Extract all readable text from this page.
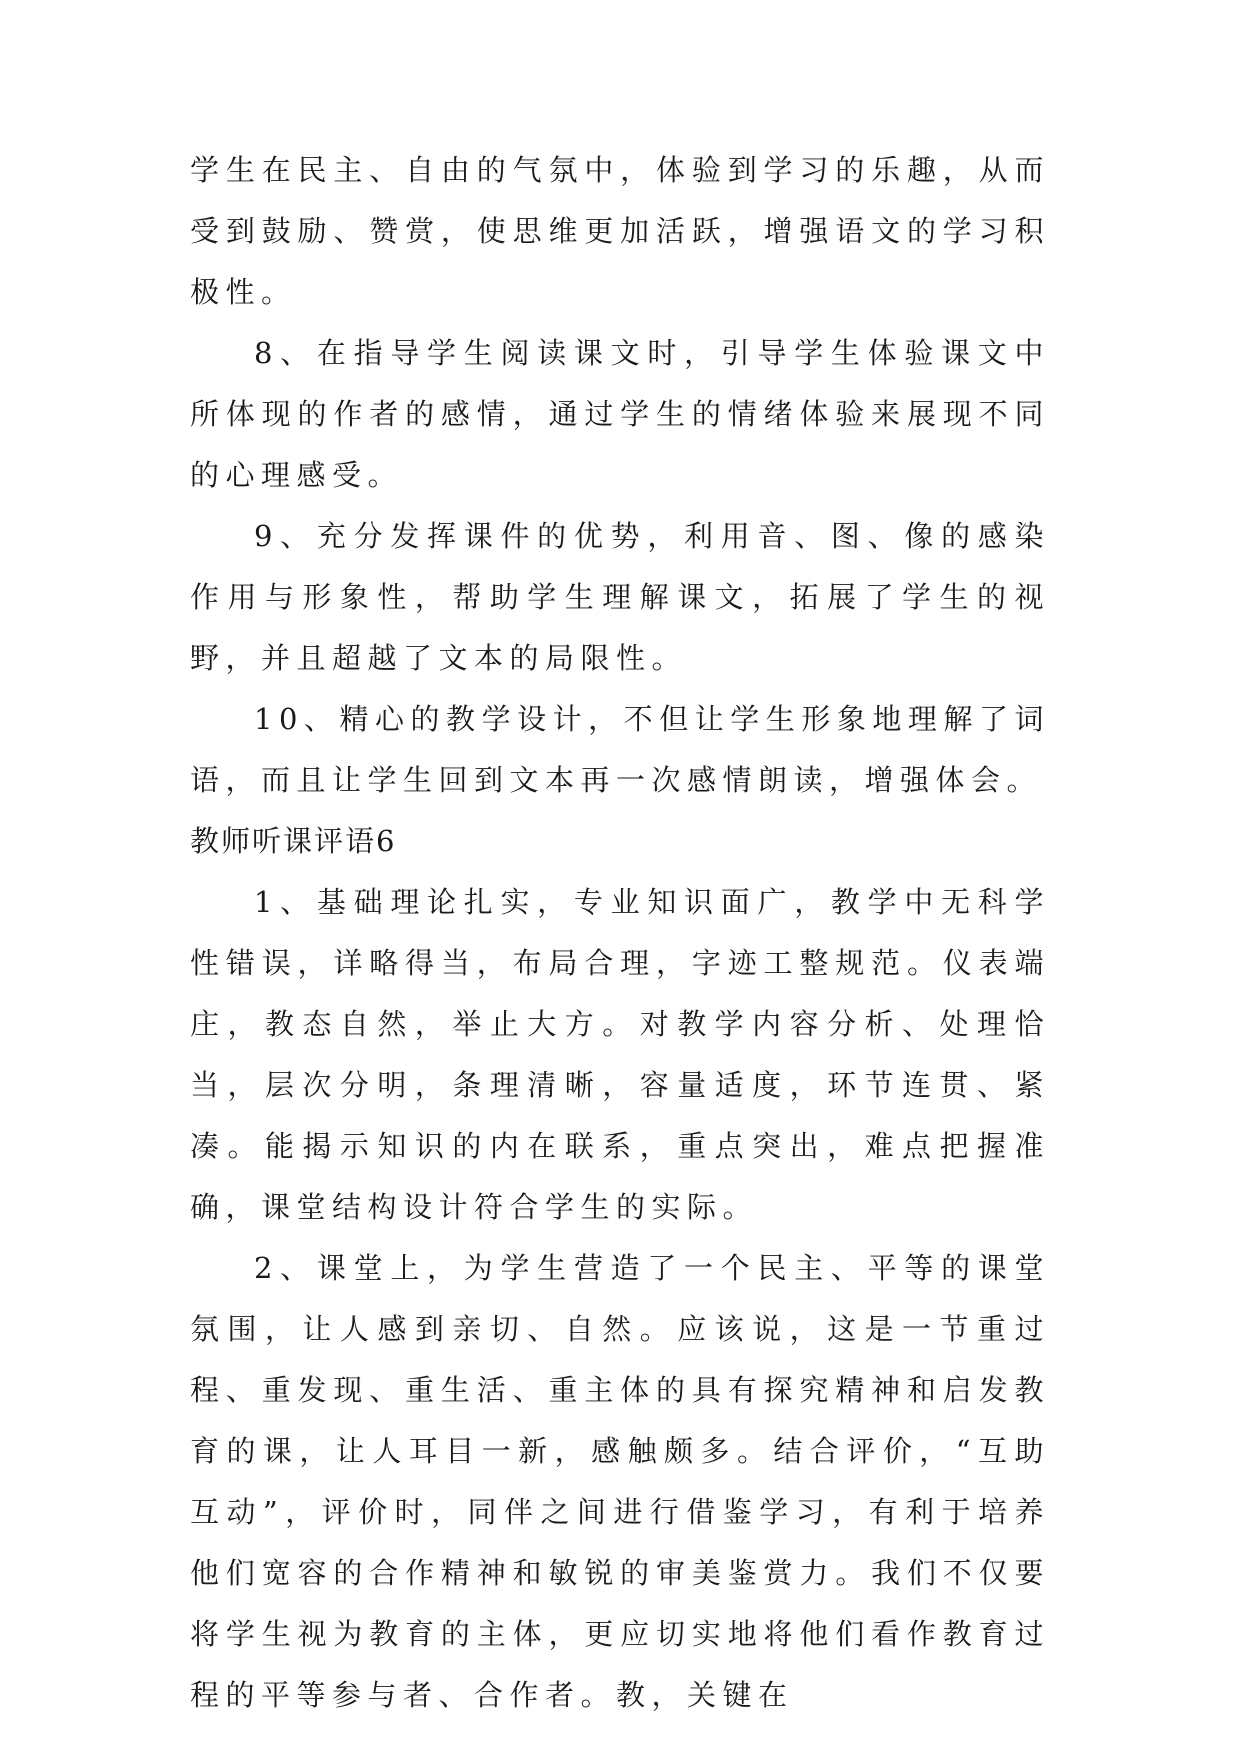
学生在民主、自由的气氛中，体验到学习的乐趣，从而受到鼓励、赞赏，使思维更加活跃，增强语文的学习积极性。

8、在指导学生阅读课文时，引导学生体验课文中所体现的作者的感情，通过学生的情绪体验来展现不同的心理感受。

9、充分发挥课件的优势，利用音、图、像的感染作用与形象性，帮助学生理解课文，拓展了学生的视野，并且超越了文本的局限性。

10、精心的教学设计，不但让学生形象地理解了词语，而且让学生回到文本再一次感情朗读，增强体会。

教师听课评语6

1、基础理论扎实，专业知识面广，教学中无科学性错误，详略得当，布局合理，字迹工整规范。仪表端庄，教态自然，举止大方。对教学内容分析、处理恰当，层次分明，条理清晰，容量适度，环节连贯、紧凑。能揭示知识的内在联系，重点突出，难点把握准确，课堂结构设计符合学生的实际。

2、课堂上，为学生营造了一个民主、平等的课堂氛围，让人感到亲切、自然。应该说，这是一节重过程、重发现、重生活、重主体的具有探究精神和启发教育的课，让人耳目一新，感触颇多。结合评价，“互助互动”，评价时，同伴之间进行借鉴学习，有利于培养他们宽容的合作精神和敏锐的审美鉴赏力。我们不仅要将学生视为教育的主体，更应切实地将他们看作教育过程的平等参与者、合作者。教，关键在
